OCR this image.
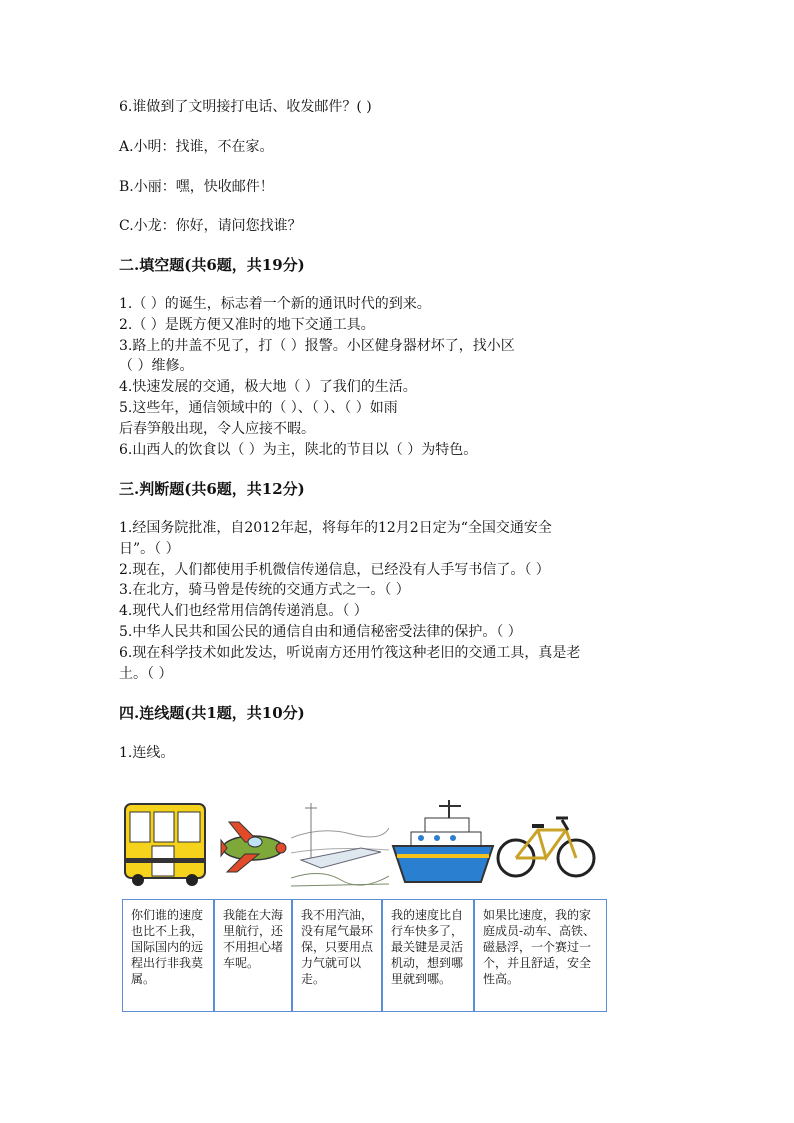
6.谁做到了文明接打电话、收发邮件？( )
A.小明：找谁，不在家。
B.小丽：嘿，快收邮件！
C.小龙：你好，请问您找谁？
二.填空题(共6题，共19分)
1.（ ）的诞生，标志着一个新的通讯时代的到来。
2.（ ）是既方便又准时的地下交通工具。
3.路上的井盖不见了，打（ ）报警。小区健身器材坏了，找小区
（ ）维修。
4.快速发展的交通，极大地（ ）了我们的生活。
5.这些年，通信领域中的（ ）、（ ）、（ ）如雨
后春笋般出现，令人应接不暇。
6.山西人的饮食以（ ）为主，陕北的节目以（ ）为特色。
三.判断题(共6题，共12分)
1.经国务院批准，自2012年起，将每年的12月2日定为“全国交通安全
日”。（ ）
2.现在，人们都使用手机微信传递信息，已经没有人手写书信了。（ ）
3.在北方，骑马曾是传统的交通方式之一。（ ）
4.现代人们也经常用信鸽传递消息。（ ）
5.中华人民共和国公民的通信自由和通信秘密受法律的保护。（ ）
6.现在科学技术如此发达，听说南方还用竹筏这种老旧的交通工具，真是老
土。（ ）
四.连线题(共1题，共10分)
1.连线。
你们谁的速度也比不上我，国际国内的远程出行非我莫属。
我能在大海里航行，还不用担心堵车呢。
我不用汽油，没有尾气最环保，只要用点力气就可以走。
我的速度比自行车快多了，最关键是灵活机动，想到哪里就到哪。
如果比速度，我的家庭成员-动车、高铁、磁悬浮，一个赛过一个，并且舒适，安全性高。
